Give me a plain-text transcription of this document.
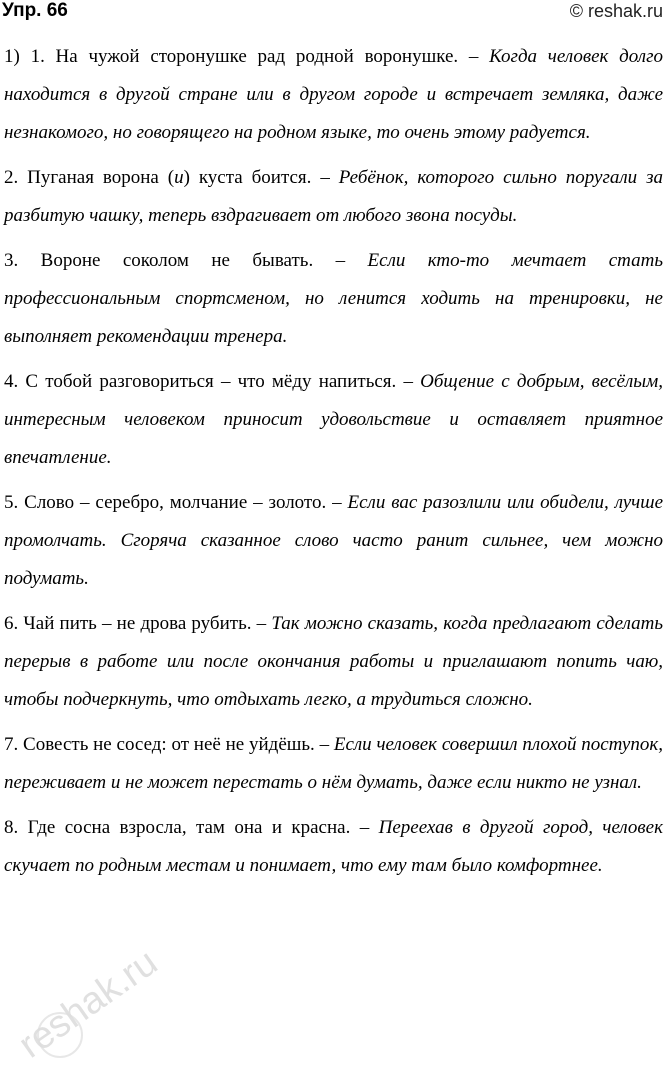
Упр. 66	© reshak.ru

1) 1. На чужой сторонушке рад родной воронушке. – Когда человек долго находится в другой стране или в другом городе и встречает земляка, даже незнакомого, но говорящего на родном языке, то очень этому радуется.

2. Пуганая ворона (и) куста боится. – Ребёнок, которого сильно поругали за разбитую чашку, теперь вздрагивает от любого звона посуды.

3. Вороне соколом не бывать. – Если кто-то мечтает стать профессиональным спортсменом, но ленится ходить на тренировки, не выполняет рекомендации тренера.

4. С тобой разговориться – что мёду напиться. – Общение с добрым, весёлым, интересным человеком приносит удовольствие и оставляет приятное впечатление.

5. Слово – серебро, молчание – золото. – Если вас разозлили или обидели, лучше промолчать. Сгоряча сказанное слово часто ранит сильнее, чем можно подумать.

6. Чай пить – не дрова рубить. – Так можно сказать, когда предлагают сделать перерыв в работе или после окончания работы и приглашают попить чаю, чтобы подчеркнуть, что отдыхать легко, а трудиться сложно.

7. Совесть не сосед: от неё не уйдёшь. – Если человек совершил плохой поступок, переживает и не может перестать о нём думать, даже если никто не узнал.

8. Где сосна взросла, там она и красна. – Переехав в другой город, человек скучает по родным местам и понимает, что ему там было комфортнее.

reshak.ru
